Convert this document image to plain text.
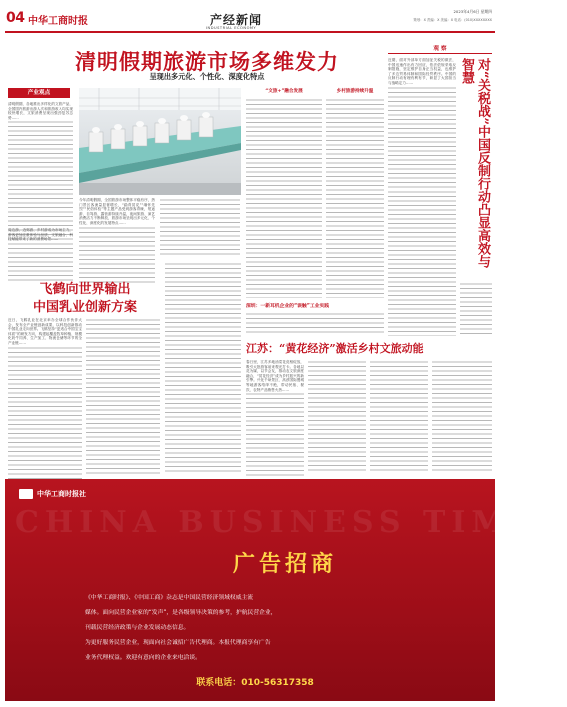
04 中华工商时报	产经新闻
INDUSTRIAL ECONOMY
2023年4月6日 星期四
策划：X 责编：X 美编：X 电话：(010)XXXXXXXX
清明假期旅游市场多维发力
呈现出多元化、个性化、深度化特点
产业观点
清明假期，各地推出多样化的文旅产品，全国国内旅游出游人次和旅游收入均实现较快增长，文旅消费呈现出强劲复苏态势……
周边游、近郊游、乡村游成为市场主力，游客更加注重体验与品质，文旅融合、科技赋能带来了新的消费场景……
今年清明假期，全国旅游市场整体平稳有序，热门景区客流量显著增长，“踏青赏花”“缅怀先烈”“民俗体验”等主题产品受到游客青睐，短途游、自驾游、露营游持续升温，夜间旅游、演艺消费活力不断释放，旅游市场呈现出多元化、个性化、深度化的发展特点……
“文旅+”融合发展	乡村旅游持续升温
飞鹤向世界输出
中国乳业创新方案
近日，飞鹤乳业在北京举办全球合作伙伴大会，发布全产业链创新成果，以科技创新推动中国乳业走向世界。飞鹤坚持“更适合中国宝宝体质”的研发方向，构建起覆盖牧草种植、规模化奶牛饲养、生产加工、物流仓储等环节的全产业链……
深圳：一新耳机企业的“误触”工业实践
江苏：“黄花经济”激活乡村文旅动能
春日里，江苏多地油菜花竞相绽放，吸引大批游客前来观光打卡。各地以花为媒，以节会友，推动农文旅深度融合，“赏花经济”成为乡村振兴的新引擎。兴化千垛景区、高淳国际慢城等地游客络绎不绝，带动民宿、餐饮、农特产品销售火热……
观 察
近期，面对外部单方面加征关税的做法，中国迅速作出有力回应，依法依规采取反制措施，坚定维护自身正当权益，也维护了多边贸易体制和国际经贸秩序。中国的反制行动有理有利有节，彰显了大国担当与战略定力……	对“关税战”中国反制行动凸显高效与智慧
CHINA BUSINESS TIMES
中华工商时报社
广告招商
《中华工商时报》、《中国工商》杂志是中国民营经济领域权威主流
媒体。面向民营企业家的“发声”，是各级领导决策的参考，护航民营企业，
刊载民营经济政策与企业发展动态信息。
为更好服务民营企业，现面向社会诚招广告代理商。本报代理商享有广告
业务代理权益。欢迎有意向的企业来电洽谈。
联系电话：010-56317358
